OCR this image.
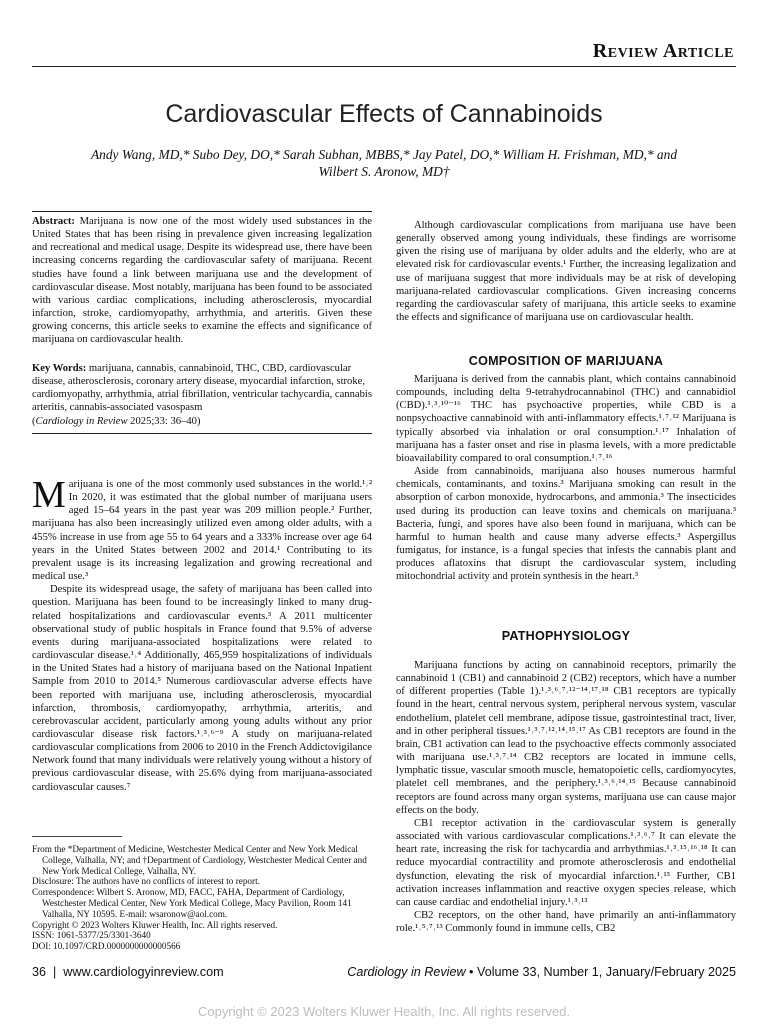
Review Article
Cardiovascular Effects of Cannabinoids
Andy Wang, MD,* Subo Dey, DO,* Sarah Subhan, MBBS,* Jay Patel, DO,* William H. Frishman, MD,* and
Wilbert S. Aronow, MD†

Abstract: Marijuana is now one of the most widely used substances in the United States that has been rising in prevalence given increasing legalization and recreational and medical usage. Despite its widespread use, there have been increasing concerns regarding the cardiovascular safety of marijuana. Recent studies have found a link between marijuana use and the development of cardiovascular disease. Most notably, marijuana has been found to be associated with various cardiac complications, including atherosclerosis, myocardial infarction, stroke, cardiomyopathy, arrhythmia, and arteritis. Given these growing concerns, this article seeks to examine the effects and significance of marijuana on cardiovascular health.

Key Words: marijuana, cannabis, cannabinoid, THC, CBD, cardiovascular disease, atherosclerosis, coronary artery disease, myocardial infarction, stroke, cardiomyopathy, arrhythmia, atrial fibrillation, ventricular tachycardia, cannabis arteritis, cannabis-associated vasospasm

(Cardiology in Review 2025;33: 36–40)

Marijuana is one of the most commonly used substances in the world.¹˒² In 2020, it was estimated that the global number of marijuana users aged 15–64 years in the past year was 209 million people.² Further, marijuana has also been increasingly utilized even among older adults, with a 455% increase in use from age 55 to 64 years and a 333% increase over age 64 years in the United States between 2002 and 2014.¹ Contributing to its prevalent usage is its increasing legalization and growing recreational and medical use.³

Despite its widespread usage, the safety of marijuana has been called into question. Marijuana has been found to be increasingly linked to many drug-related hospitalizations and cardiovascular events.³ A 2011 multicenter observational study of public hospitals in France found that 9.5% of adverse events during marijuana-associated hospitalizations were related to cardiovascular disease.¹˒⁴ Additionally, 465,959 hospitalizations of individuals in the United States had a history of marijuana based on the National Inpatient Sample from 2010 to 2014.⁵ Numerous cardiovascular adverse effects have been reported with marijuana use, including atherosclerosis, myocardial infarction, thrombosis, cardiomyopathy, arrhythmia, arteritis, and cerebrovascular accident, particularly among young adults without any prior cardiovascular disease risk factors.¹˒³˒⁶⁻⁹ A study on marijuana-related cardiovascular complications from 2006 to 2010 in the French Addictovigilance Network found that many individuals were relatively young without a history of previous cardiovascular disease, with 25.6% dying from marijuana-associated cardiovascular causes.⁷

From the *Department of Medicine, Westchester Medical Center and New York Medical College, Valhalla, NY; and †Department of Cardiology, Westchester Medical Center and New York Medical College, Valhalla, NY.

Disclosure: The authors have no conflicts of interest to report.

Correspondence: Wilbert S. Aronow, MD, FACC, FAHA, Department of Cardiology, Westchester Medical Center, New York Medical College, Macy Pavilion, Room 141 Valhalla, NY 10595. E-mail: wsaronow@aol.com.

Copyright © 2023 Wolters Kluwer Health, Inc. All rights reserved.

ISSN: 1061-5377/25/3301-3640

DOI: 10.1097/CRD.0000000000000566

Although cardiovascular complications from marijuana use have been generally observed among young individuals, these findings are worrisome given the rising use of marijuana by older adults and the elderly, who are at elevated risk for cardiovascular events.¹ Further, the increasing legalization and use of marijuana suggest that more individuals may be at risk of developing marijuana-related cardiovascular complications. Given increasing concerns regarding the cardiovascular safety of marijuana, this article seeks to examine the effects and significance of marijuana use on cardiovascular health.

COMPOSITION OF MARIJUANA

Marijuana is derived from the cannabis plant, which contains cannabinoid compounds, including delta 9-tetrahydrocannabinol (THC) and cannabidiol (CBD).¹˒³˒¹⁰⁻¹⁶ THC has psychoactive properties, while CBD is a nonpsychoactive cannabinoid with anti-inflammatory effects.¹˒⁷˒¹² Marijuana is typically absorbed via inhalation or oral consumption.¹˒¹⁷ Inhalation of marijuana has a faster onset and rise in plasma levels, with a more predictable bioavailability compared to oral consumption.¹˒⁷˒¹⁶

Aside from cannabinoids, marijuana also houses numerous harmful chemicals, contaminants, and toxins.³ Marijuana smoking can result in the absorption of carbon monoxide, hydrocarbons, and ammonia.³ The insecticides used during its production can leave toxins and chemicals on marijuana.³ Bacteria, fungi, and spores have also been found in marijuana, which can be harmful to human health and cause many adverse effects.³ Aspergillus fumigatus, for instance, is a fungal species that infests the cannabis plant and produces aflatoxins that disrupt the cardiovascular system, including mitochondrial activity and protein synthesis in the heart.³

PATHOPHYSIOLOGY

Marijuana functions by acting on cannabinoid receptors, primarily the cannabinoid 1 (CB1) and cannabinoid 2 (CB2) receptors, which have a number of different properties (Table 1).¹˒³˒⁶˒⁷˒¹²⁻¹⁴˒¹⁷˒¹⁸ CB1 receptors are typically found in the heart, central nervous system, peripheral nervous system, vascular endothelium, platelet cell membrane, adipose tissue, gastrointestinal tract, liver, and in other peripheral tissues.¹˒³˒⁷˒¹²˒¹⁴˒¹⁵˒¹⁷ As CB1 receptors are found in the brain, CB1 activation can lead to the psychoactive effects commonly associated with marijuana use.¹˒³˒⁷˒¹⁴ CB2 receptors are located in immune cells, lymphatic tissue, vascular smooth muscle, hematopoietic cells, cardiomyocytes, platelet cell membranes, and the periphery.¹˒³˒⁶˒¹⁴˒¹⁵ Because cannabinoid receptors are found across many organ systems, marijuana use can cause major effects on the body.

CB1 receptor activation in the cardiovascular system is generally associated with various cardiovascular complications.¹˒³˒⁶˒⁷ It can elevate the heart rate, increasing the risk for tachycardia and arrhythmias.¹˒³˒¹⁵˒¹⁶˒¹⁸ It can reduce myocardial contractility and promote atherosclerosis and endothelial dysfunction, elevating the risk of myocardial infarction.¹˒¹³ Further, CB1 activation increases inflammation and reactive oxygen species release, which can cause cardiac and endothelial injury.¹˒³˒¹³

CB2 receptors, on the other hand, have primarily an anti-inflammatory role.¹˒⁵˒⁷˒¹³ Commonly found in immune cells, CB2

36  |  www.cardiologyinreview.com	Cardiology in Review • Volume 33, Number 1, January/February 2025
Copyright © 2023 Wolters Kluwer Health, Inc. All rights reserved.
